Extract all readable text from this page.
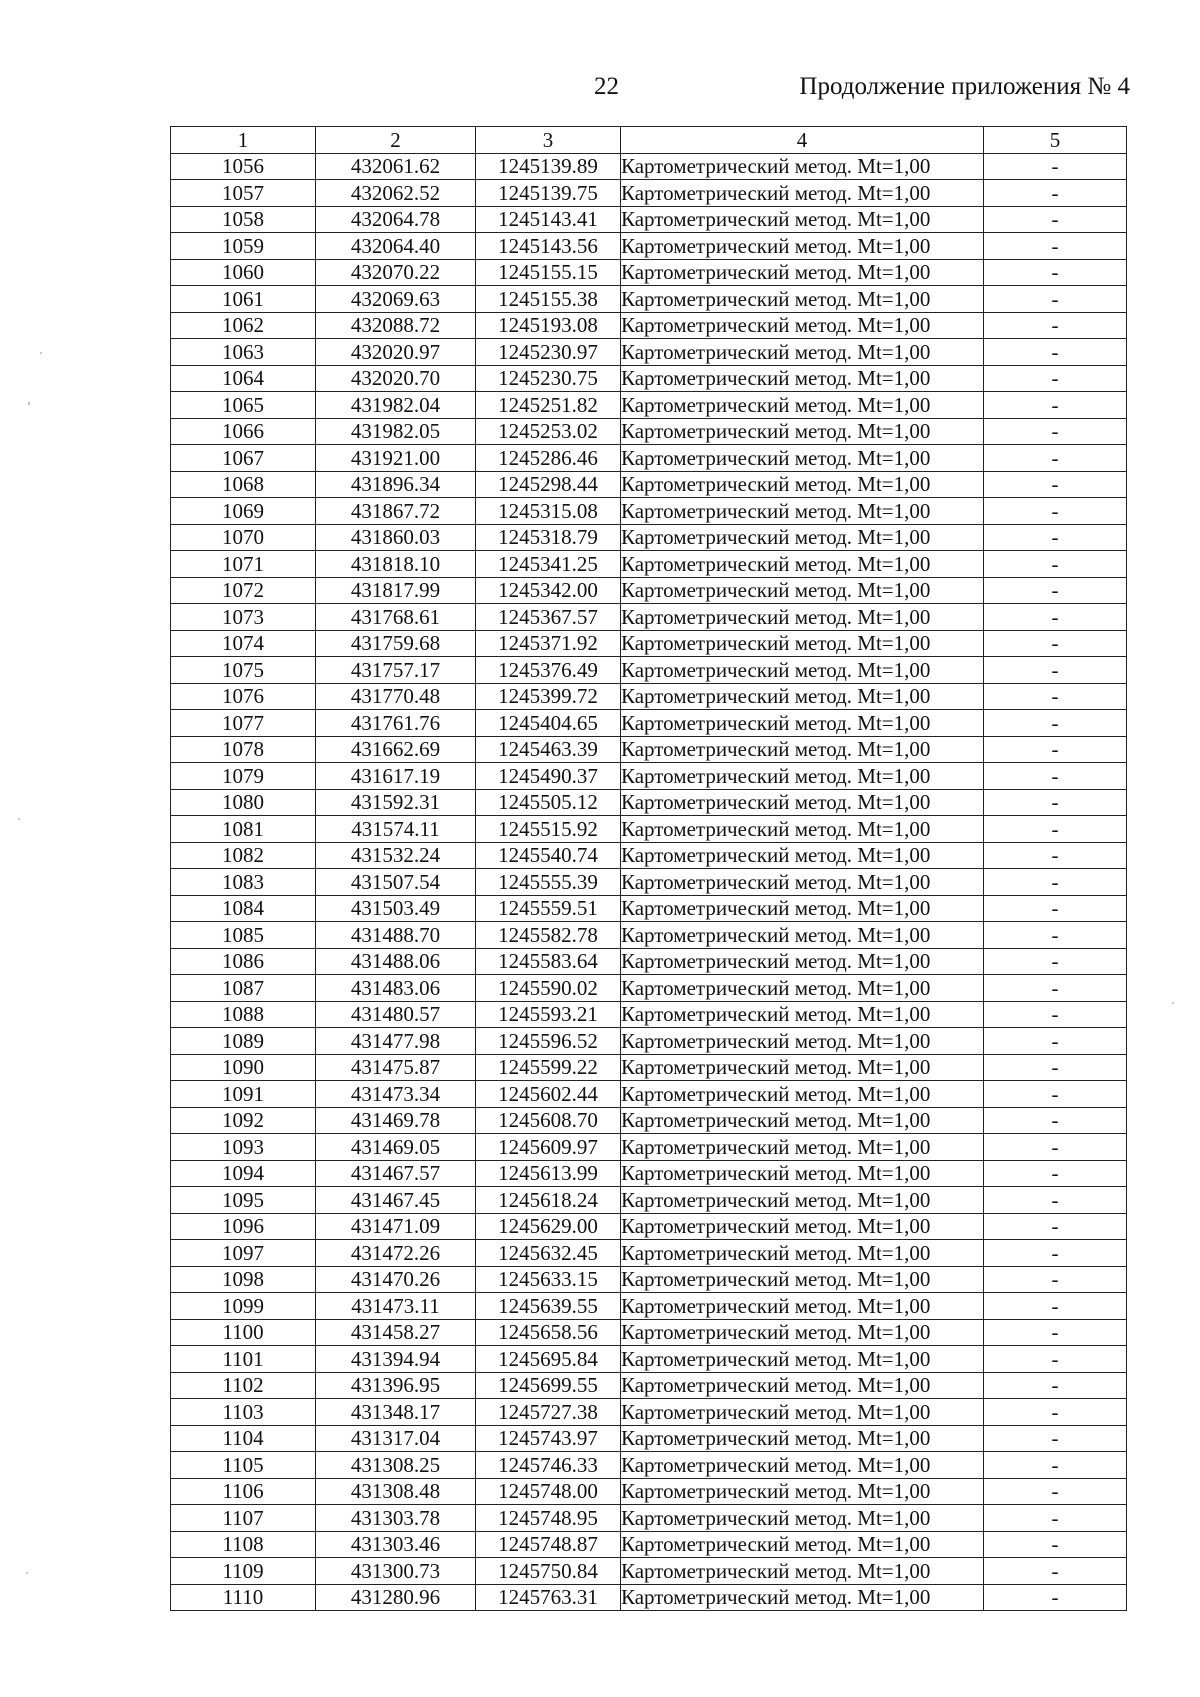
22	Продолжение приложения № 4
1	2	3	4	5
1056	432061.62	1245139.89	Картометрический метод. Mt=1,00	-
1057	432062.52	1245139.75	Картометрический метод. Mt=1,00	-
1058	432064.78	1245143.41	Картометрический метод. Mt=1,00	-
1059	432064.40	1245143.56	Картометрический метод. Mt=1,00	-
1060	432070.22	1245155.15	Картометрический метод. Mt=1,00	-
1061	432069.63	1245155.38	Картометрический метод. Mt=1,00	-
1062	432088.72	1245193.08	Картометрический метод. Mt=1,00	-
1063	432020.97	1245230.97	Картометрический метод. Mt=1,00	-
1064	432020.70	1245230.75	Картометрический метод. Mt=1,00	-
1065	431982.04	1245251.82	Картометрический метод. Mt=1,00	-
1066	431982.05	1245253.02	Картометрический метод. Mt=1,00	-
1067	431921.00	1245286.46	Картометрический метод. Mt=1,00	-
1068	431896.34	1245298.44	Картометрический метод. Mt=1,00	-
1069	431867.72	1245315.08	Картометрический метод. Mt=1,00	-
1070	431860.03	1245318.79	Картометрический метод. Mt=1,00	-
1071	431818.10	1245341.25	Картометрический метод. Mt=1,00	-
1072	431817.99	1245342.00	Картометрический метод. Mt=1,00	-
1073	431768.61	1245367.57	Картометрический метод. Mt=1,00	-
1074	431759.68	1245371.92	Картометрический метод. Mt=1,00	-
1075	431757.17	1245376.49	Картометрический метод. Mt=1,00	-
1076	431770.48	1245399.72	Картометрический метод. Mt=1,00	-
1077	431761.76	1245404.65	Картометрический метод. Mt=1,00	-
1078	431662.69	1245463.39	Картометрический метод. Mt=1,00	-
1079	431617.19	1245490.37	Картометрический метод. Mt=1,00	-
1080	431592.31	1245505.12	Картометрический метод. Mt=1,00	-
1081	431574.11	1245515.92	Картометрический метод. Mt=1,00	-
1082	431532.24	1245540.74	Картометрический метод. Mt=1,00	-
1083	431507.54	1245555.39	Картометрический метод. Mt=1,00	-
1084	431503.49	1245559.51	Картометрический метод. Mt=1,00	-
1085	431488.70	1245582.78	Картометрический метод. Mt=1,00	-
1086	431488.06	1245583.64	Картометрический метод. Mt=1,00	-
1087	431483.06	1245590.02	Картометрический метод. Mt=1,00	-
1088	431480.57	1245593.21	Картометрический метод. Mt=1,00	-
1089	431477.98	1245596.52	Картометрический метод. Mt=1,00	-
1090	431475.87	1245599.22	Картометрический метод. Mt=1,00	-
1091	431473.34	1245602.44	Картометрический метод. Mt=1,00	-
1092	431469.78	1245608.70	Картометрический метод. Mt=1,00	-
1093	431469.05	1245609.97	Картометрический метод. Mt=1,00	-
1094	431467.57	1245613.99	Картометрический метод. Mt=1,00	-
1095	431467.45	1245618.24	Картометрический метод. Mt=1,00	-
1096	431471.09	1245629.00	Картометрический метод. Mt=1,00	-
1097	431472.26	1245632.45	Картометрический метод. Mt=1,00	-
1098	431470.26	1245633.15	Картометрический метод. Mt=1,00	-
1099	431473.11	1245639.55	Картометрический метод. Mt=1,00	-
1100	431458.27	1245658.56	Картометрический метод. Mt=1,00	-
1101	431394.94	1245695.84	Картометрический метод. Mt=1,00	-
1102	431396.95	1245699.55	Картометрический метод. Mt=1,00	-
1103	431348.17	1245727.38	Картометрический метод. Mt=1,00	-
1104	431317.04	1245743.97	Картометрический метод. Mt=1,00	-
1105	431308.25	1245746.33	Картометрический метод. Mt=1,00	-
1106	431308.48	1245748.00	Картометрический метод. Mt=1,00	-
1107	431303.78	1245748.95	Картометрический метод. Mt=1,00	-
1108	431303.46	1245748.87	Картометрический метод. Mt=1,00	-
1109	431300.73	1245750.84	Картометрический метод. Mt=1,00	-
1110	431280.96	1245763.31	Картометрический метод. Mt=1,00	-
